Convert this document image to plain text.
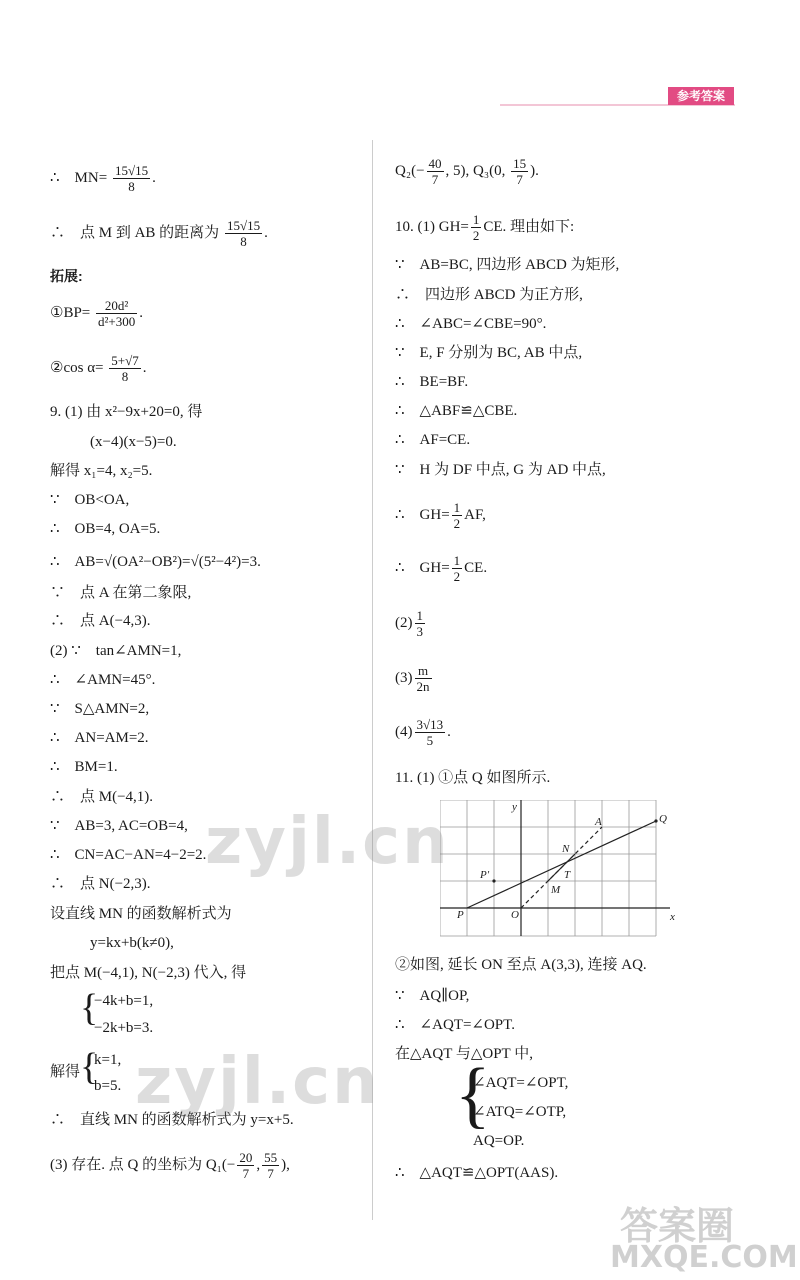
参考答案
∴　$MN= \frac{15√15}{8}$ .
∴　点 M 到 AB 的距离为 $\frac{15√15}{8}$ .
拓展:
①BP= $\frac{\text{20d²}}{\text{d²+300}}$ .
②cos $\alpha= \frac{5+√7}{8}$ .
9. (1) 由 x²−9x+20=0, 得
(x−4)(x−5)=0.
解得 x₁=4, x₂=5.
∵　OB<OA,
∴　OB=4, OA=5.
∴　AB=√(OA²−OB²)=√(5²−4²)=3.
∵　点 A 在第二象限,
∴　点 A(−4,3).
(2) ∵　tan∠AMN=1,
∴　∠AMN=45°.
∵　S△AMN=2,
∴　AN=AM=2.
∴　BM=1.
∴　点 M(−4,1).
∵　AB=3, AC=OB=4,
∴　CN=AC−AN=4−2=2.
∴　点 N(−2,3).
设直线 MN 的函数解析式为
y=kx+b(k≠0),
把点 M(−4,1), N(−2,3) 代入, 得
{
−4k+b=1,
−2k+b=3.
解得 {
k=1,
b=5.
∴　直线 MN 的函数解析式为 y=x+5.
(3) 存在. 点 Q 的坐标为 $Q_1(- \frac{20}{7}$ , $\frac{55}{7}$ ),
$Q_2(- \frac{40}{7}$ , 5), Q₃(0, $\frac{15}{7}$ ).
10. (1) $GH= \frac{1}{2}$ CE. 理由如下:
∵　AB=BC, 四边形 ABCD 为矩形,
∴　四边形 ABCD 为正方形,
∴　∠ABC=∠CBE=90°.
∵　E, F 分别为 BC, AB 中点,
∴　BE=BF.
∴　△ABF≌△CBE.
∴　AF=CE.
∵　H 为 DF 中点, G 为 AD 中点,
∴　$GH= \frac{1}{2}$ AF,
∴　$GH= \frac{1}{2}$ CE.
$(2) \frac{1}{3}$
$(3) \frac{m}{2n}$
$(4) \frac{3√13}{5}$ .
11. (1) ①点 Q 如图所示.
②如图, 延长 ON 至点 A(3,3), 连接 AQ.
∵　AQ∥OP,
∴　∠AQT=∠OPT.
在△AQT 与△OPT 中,
{
∠AQT=∠OPT,
∠ATQ=∠OTP,
AQ=OP.
∴　△AQT≌△OPT(AAS).
y
x
P	O
A	Q
N
T
M
P′
zyjl.cn
zyjl.cn
MXQE.COM
答案圈
